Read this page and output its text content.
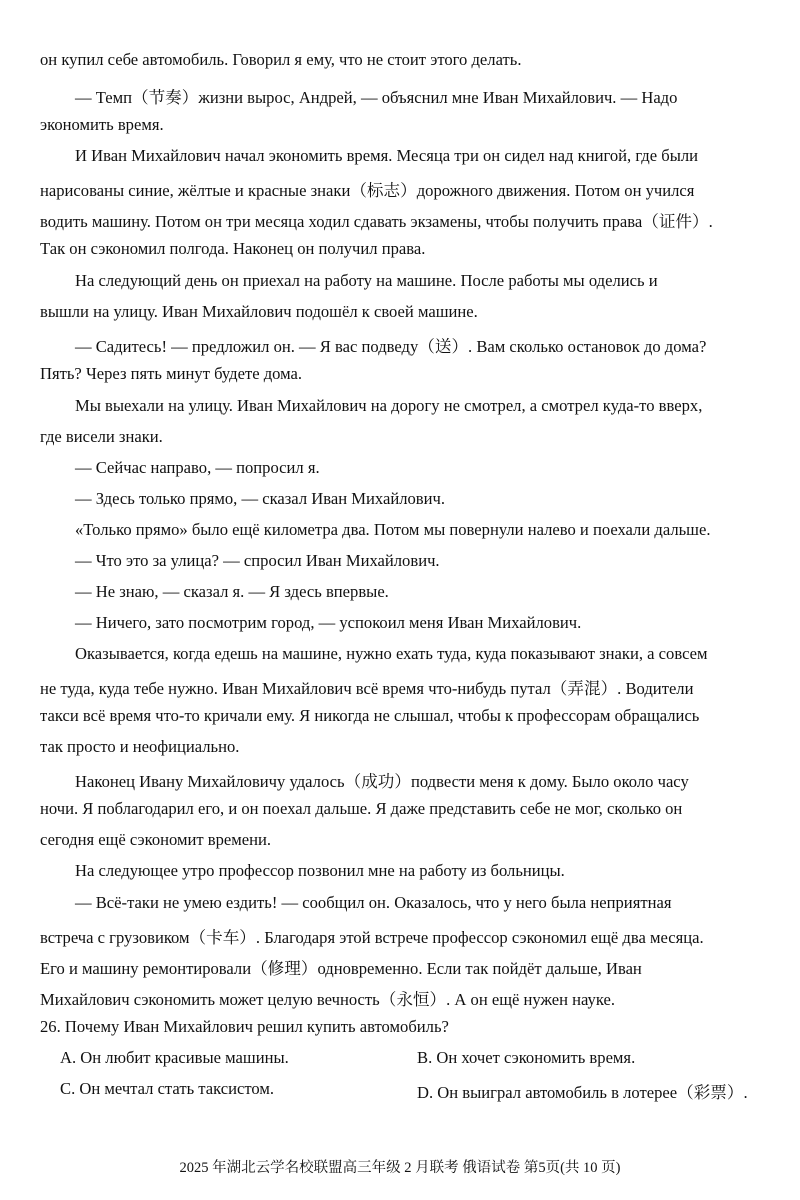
он купил себе автомобиль. Говорил я ему, что не стоит этого делать.
— Темп（节奏）жизни вырос, Андрей, — объяснил мне Иван Михайлович. — Надо
экономить время.
И Иван Михайлович начал экономить время. Месяца три он сидел над книгой, где были
нарисованы синие, жёлтые и красные знаки（标志）дорожного движения. Потом он учился
водить машину. Потом он три месяца ходил сдавать экзамены, чтобы получить права（证件）.
Так он сэкономил полгода. Наконец он получил права.
На следующий день он приехал на работу на машине. После работы мы оделись и
вышли на улицу. Иван Михайлович подошёл к своей машине.
— Садитесь! — предложил он. — Я вас подведу（送）. Вам сколько остановок до дома?
Пять? Через пять минут будете дома.
Мы выехали на улицу. Иван Михайлович на дорогу не смотрел, а смотрел куда-то вверх,
где висели знаки.
— Сейчас направо, — попросил я.
— Здесь только прямо, — сказал Иван Михайлович.
«Только прямо» было ещё километра два. Потом мы повернули налево и поехали дальше.
— Что это за улица? — спросил Иван Михайлович.
— Не знаю, — сказал я. — Я здесь впервые.
— Ничего, зато посмотрим город, — успокоил меня Иван Михайлович.
Оказывается, когда едешь на машине, нужно ехать туда, куда показывают знаки, а совсем
не туда, куда тебе нужно. Иван Михайлович всё время что-нибудь путал（弄混）. Водители
такси всё время что-то кричали ему. Я никогда не слышал, чтобы к профессорам обращались
так просто и неофициально.
Наконец Ивану Михайловичу удалось（成功）подвести меня к дому. Было около часу
ночи. Я поблагодарил его, и он поехал дальше. Я даже представить себе не мог, сколько он
сегодня ещё сэкономит времени.
На следующее утро профессор позвонил мне на работу из больницы.
— Всё-таки не умею ездить! — сообщил он. Оказалось, что у него была неприятная
встреча с грузовиком（卡车）. Благодаря этой встрече профессор сэкономил ещё два месяца.
Его и машину ремонтировали（修理）одновременно. Если так пойдёт дальше, Иван
Михайлович сэкономить может целую вечность（永恒）. А он ещё нужен науке.
26. Почему Иван Михайлович решил купить автомобиль?
A. Он любит красивые машины.	B. Он хочет сэкономить время.
C. Он мечтал стать таксистом.	D. Он выиграл автомобиль в лотерее（彩票）.
2025 年湖北云学名校联盟高三年级 2 月联考 俄语试卷 第5页(共 10 页)
